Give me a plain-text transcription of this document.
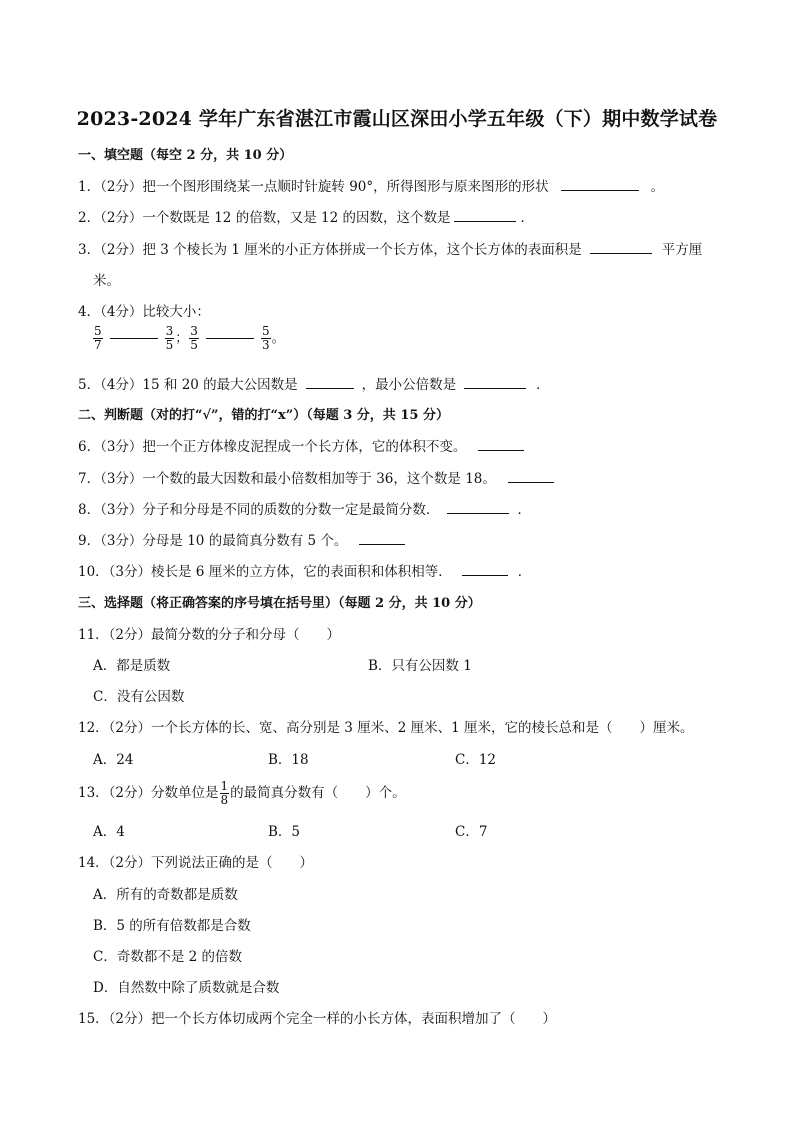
2023-2024 学年广东省湛江市霞山区深田小学五年级（下）期中数学试卷
一、填空题（每空 2 分，共 10 分）
1．（2分）把一个图形围绕某一点顺时针旋转 90°，所得图形与原来图形的形状	。
2．（2分）一个数既是 12 的倍数，又是 12 的因数，这个数是	．
3．（2分）把 3 个棱长为 1 厘米的小正方体拼成一个长方体，这个长方体的表面积是	平方厘
米。
4．（4分）比较大小：
$\frac{5}{7}$	$\frac{3}{5}$ ； $\frac{3}{5}$	$\frac{5}{3}$ 。
5．（4分）15 和 20 的最大公因数是	，最小公倍数是	．
二、判断题（对的打“√”，错的打“x”）（每题 3 分，共 15 分）
6．（3分）把一个正方体橡皮泥捏成一个长方体，它的体积不变。
7．（3分）一个数的最大因数和最小倍数相加等于 36，这个数是 18。
8．（3分）分子和分母是不同的质数的分数一定是最简分数．	．
9．（3分）分母是 10 的最简真分数有 5 个。
10．（3分）棱长是 6 厘米的立方体，它的表面积和体积相等．	．
三、选择题（将正确答案的序号填在括号里）（每题 2 分，共 10 分）
11．（2分）最简分数的分子和分母（　　）
A．都是质数	B．只有公因数 1
C．没有公因数
12．（2分）一个长方体的长、宽、高分别是 3 厘米、2 厘米、1 厘米，它的棱长总和是（　　）厘米。
A．24	B．18	C．12
13．（2分）分数单位是 $\frac{1}{8}$ 的最简真分数有（　　）个。
A．4	B．5	C．7
14．（2分）下列说法正确的是（　　）
A．所有的奇数都是质数
B．5 的所有倍数都是合数
C．奇数都不是 2 的倍数
D．自然数中除了质数就是合数
15．（2分）把一个长方体切成两个完全一样的小长方体，表面积增加了（　　）
